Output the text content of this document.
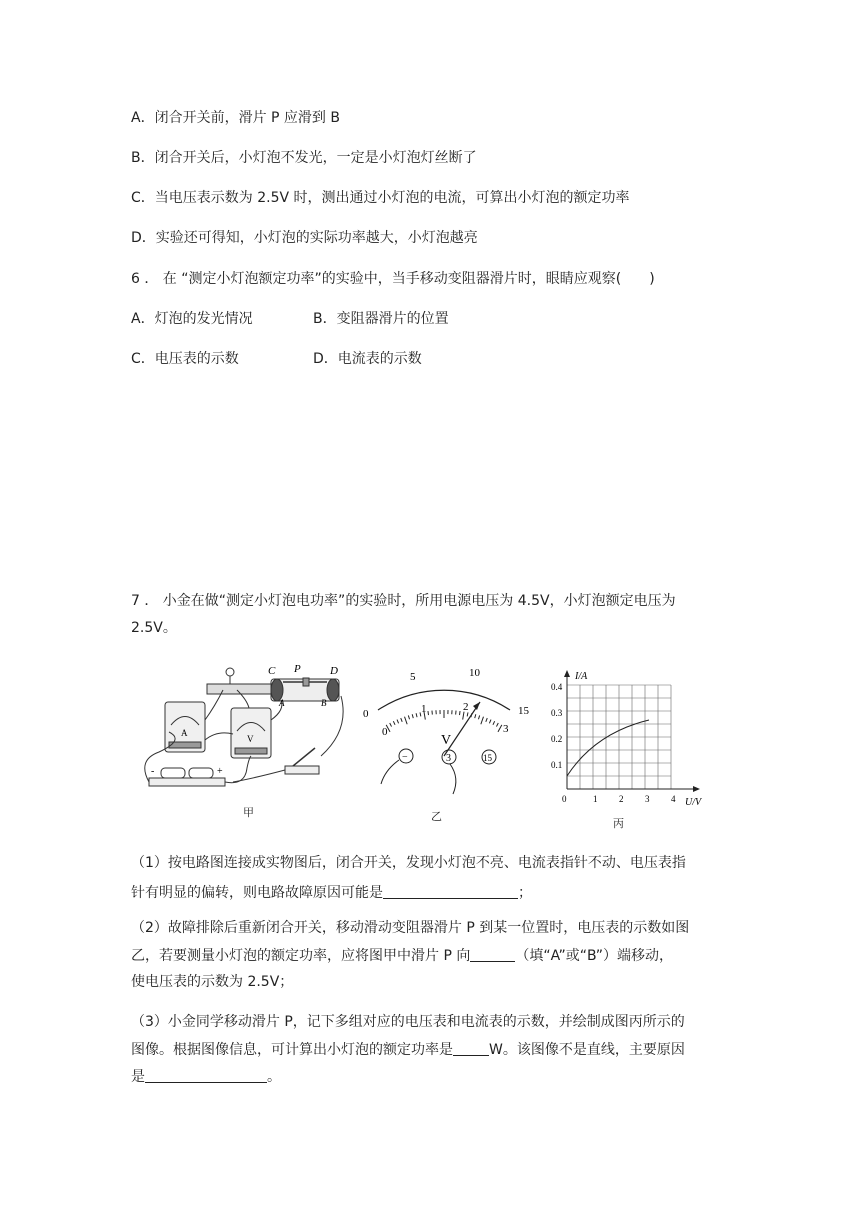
A．闭合开关前，滑片 P 应滑到 B
B．闭合开关后，小灯泡不发光，一定是小灯泡灯丝断了
C．当电压表示数为 2.5V 时，测出通过小灯泡的电流，可算出小灯泡的额定功率
D．实验还可得知，小灯泡的实际功率越大，小灯泡越亮
6 ． 在 “测定小灯泡额定功率”的实验中，当手移动变阻器滑片时，眼睛应观察(　　)
A．灯泡的发光情况	B．变阻器滑片的位置
C．电压表的示数	D．电流表的示数
7 ． 小金在做“测定小灯泡电功率”的实验时，所用电源电压为 4.5V，小灯泡额定电压为
2.5V。
C P	D
A	B
A
V
-	+
甲
0
5	10
15
0
1	2
3
V
−	3	15
乙
I/A
U/V
0.1
0.2
0.3
0.4
0	1 2 3 4
丙
（1）按电路图连接成实物图后，闭合开关，发现小灯泡不亮、电流表指针不动、电压表指
针有明显的偏转，则电路故障原因可能是	；
（2）故障排除后重新闭合开关，移动滑动变阻器滑片 P 到某一位置时，电压表的示数如图
乙，若要测量小灯泡的额定功率，应将图甲中滑片 P 向	（填“A”或“B”）端移动，
使电压表的示数为 2.5V；
（3）小金同学移动滑片 P，记下多组对应的电压表和电流表的示数，并绘制成图丙所示的
图像。根据图像信息，可计算出小灯泡的额定功率是	W。该图像不是直线，主要原因
是	。
